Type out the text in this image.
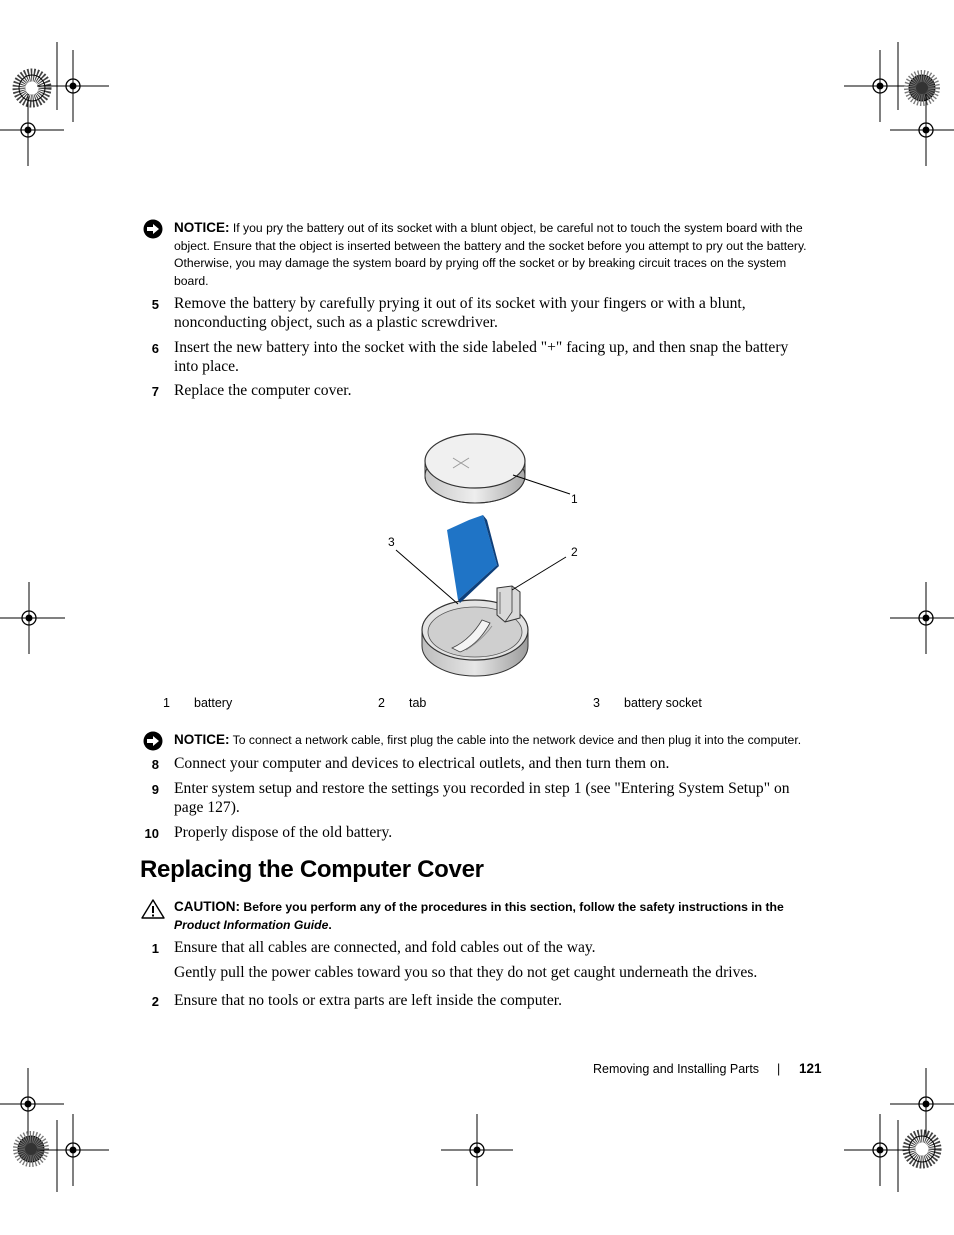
NOTICE: If you pry the battery out of its socket with a blunt object, be careful not to touch the system board with the object. Ensure that the object is inserted between the battery and the socket before you attempt to pry out the battery. Otherwise, you may damage the system board by prying off the socket or by breaking circuit traces on the system board.
5 Remove the battery by carefully prying it out of its socket with your fingers or with a blunt, nonconducting object, such as a plastic screwdriver.
6 Insert the new battery into the socket with the side labeled "+" facing up, and then snap the battery into place.
7 Replace the computer cover.
1
2
3
1 battery	2 tab	3 battery socket
NOTICE: To connect a network cable, first plug the cable into the network device and then plug it into the computer.
8 Connect your computer and devices to electrical outlets, and then turn them on.
9 Enter system setup and restore the settings you recorded in step 1 (see "Entering System Setup" on page 127).
10 Properly dispose of the old battery.
Replacing the Computer Cover
CAUTION: Before you perform any of the procedures in this section, follow the safety instructions in the Product Information Guide.
1 Ensure that all cables are connected, and fold cables out of the way.
Gently pull the power cables toward you so that they do not get caught underneath the drives.
2 Ensure that no tools or extra parts are left inside the computer.
Removing and Installing Parts | 121
